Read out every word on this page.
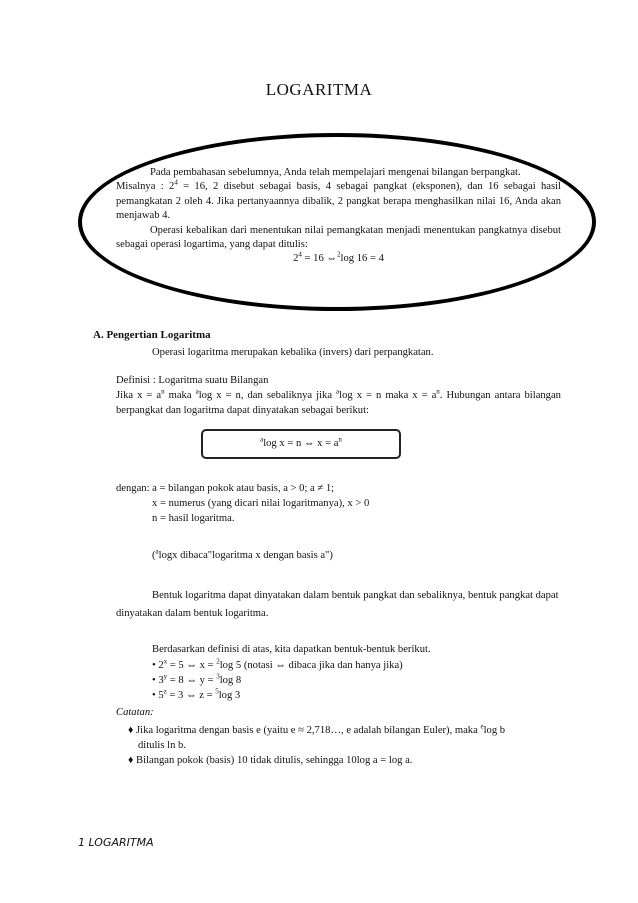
LOGARITMA

Pada pembahasan sebelumnya, Anda telah mempelajari mengenai bilangan berpangkat.

Misalnya : $2^4 = 16$, 2 disebut sebagai basis, 4 sebagai pangkat (eksponen), dan 16 sebagai hasil pemangkatan 2 oleh 4. Jika pertanyaannya dibalik, 2 pangkat berapa menghasilkan nilai 16, Anda akan menjawab 4.

Operasi kebalikan dari menentukan nilai pemangkatan menjadi menentukan pangkatnya disebut sebagai operasi logartima, yang dapat ditulis:

$2^4 = 16$ ⇔$^2$log 16 = 4

A. Pengertian Logaritma
Operasi logaritma merupakan kebalika (invers) dari perpangkatan.
Definisi : Logaritma suatu Bilangan
Jika $x = a^n$ maka $^a$log x = n, dan sebaliknya jika $^a$log x = n maka $x = a^n$. Hubungan antara bilangan berpangkat dan logaritma dapat dinyatakan sebagai berikut:
$^a$log x = n ⇔ $x = a^n$
dengan: a = bilangan pokok atau basis, a > 0; a ≠ 1;
x = numerus (yang dicari nilai logaritmanya), x > 0
n = hasil logaritma.
($^a$logx dibaca"logaritma x dengan basis a")
Bentuk logaritma dapat dinyatakan dalam bentuk pangkat dan sebaliknya, bentuk pangkat dapat dinyatakan dalam bentuk logaritma.
Berdasarkan definisi di atas, kita dapatkan bentuk-bentuk berikut.
• $2^x = 5$ ⇔ x = $^2$log 5 (notasi ⇔ dibaca jika dan hanya jika)
• $3^y = 8$ ⇔ y = $^3$log 8
• $5^z = 3$ ⇔ z = $^5$log 3
Catatan:
♦ Jika logaritma dengan basis e (yaitu e ≈ 2,718…, e adalah bilangan Euler), maka $^e$log b
ditulis ln b.
♦ Bilangan pokok (basis) 10 tidak ditulis, sehingga 10log a = log a.
1 LOGARITMA
